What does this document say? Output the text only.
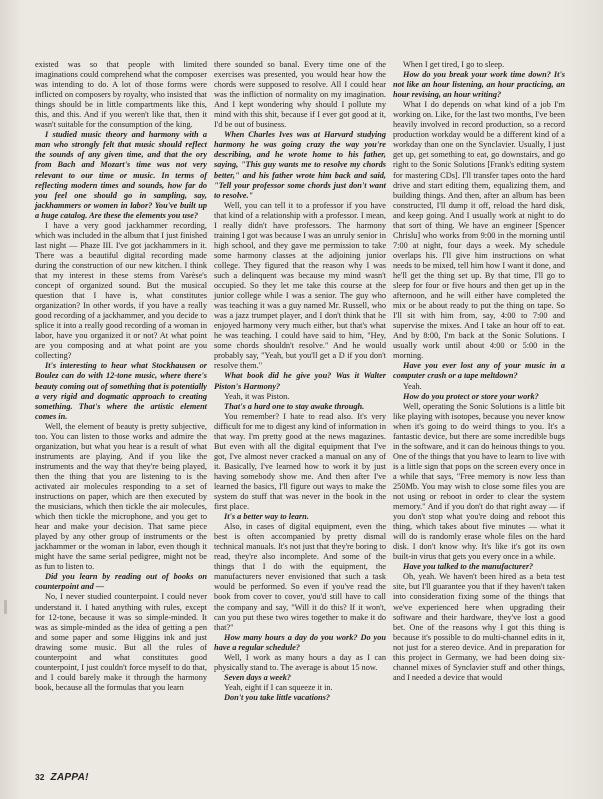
existed was so that people with limited imaginations could comprehend what the composer was intending to do. A lot of those forms were inflicted on composers by royalty, who insisted that things should be in little compartments like this, this, and this. And if you weren't like that, then it wasn't suitable for the consumption of the king.

I studied music theory and harmony with a man who strongly felt that music should reflect the sounds of any given time, and that the ory from Bach and Mozart's time was not very relevant to our time or music. In terms of reflecting modern times and sounds, how far do you feel one should go in sampling, say, jackhammers or women in labor? You've built up a huge catalog. Are these the elements you use?

I have a very good jackhammer recording, which was included in the album that I just finished last night — Phaze III. I've got jackhammers in it. There was a beautiful digital recording made during the construction of our new kitchen. I think that my interest in these stems from Varèse's concept of organized sound. But the musical question that I have is, what constitutes organization? In other words, if you have a really good recording of a jackhammer, and you decide to splice it into a really good recording of a woman in labor, have you organized it or not? At what point are you composing and at what point are you collecting?

It's interesting to hear what Stockhausen or Boulez can do with 12-tone music, where there's beauty coming out of something that is potentially a very rigid and dogmatic approach to creating something. That's where the artistic element comes in.

Well, the element of beauty is pretty subjective, too. You can listen to those works and admire the organization, but what you hear is a result of what instruments are playing. And if you like the instruments and the way that they're being played, then the thing that you are listening to is the activated air molecules responding to a set of instructions on paper, which are then executed by the musicians, which then tickle the air molecules, which then tickle the microphone, and you get to hear and make your decision. That same piece played by any other group of instruments or the jackhammer or the woman in labor, even though it might have the same serial pedigree, might not be as fun to listen to.

Did you learn by reading out of books on counterpoint and —

No, I never studied counterpoint. I could never understand it. I hated anything with rules, except for 12-tone, because it was so simple-minded. It was as simple-minded as the idea of getting a pen and some paper and some Higgins ink and just drawing some music. But all the rules of counterpoint and what constitutes good counterpoint, I just couldn't force myself to do that, and I could barely make it through the harmony book, because all the formulas that you learn

there sounded so banal. Every time one of the exercises was presented, you would hear how the chords were supposed to resolve. All I could hear was the infliction of normality on my imagination. And I kept wondering why should I pollute my mind with this shit, because if I ever got good at it, I'd be out of business.

When Charles Ives was at Harvard studying harmony he was going crazy the way you're describing, and he wrote home to his father, saying, "This guy wants me to resolve my chords better," and his father wrote him back and said, "Tell your professor some chords just don't want to resolve."

Well, you can tell it to a professor if you have that kind of a relationship with a professor. I mean, I really didn't have professors. The harmony training I got was because I was an unruly senior in high school, and they gave me permission to take some harmony classes at the adjoining junior college. They figured that the reason why I was such a delinquent was because my mind wasn't occupied. So they let me take this course at the junior college while I was a senior. The guy who was teaching it was a guy named Mr. Russell, who was a jazz trumpet player, and I don't think that he enjoyed harmony very much either, but that's what he was teaching. I could have said to him, "Hey, some chords shouldn't resolve." And he would probably say, "Yeah, but you'll get a D if you don't resolve them."

What book did he give you? Was it Walter Piston's Harmony?

Yeah, it was Piston.

That's a hard one to stay awake through.

You remember? I hate to read also. It's very difficult for me to digest any kind of information in that way. I'm pretty good at the news magazines. But even with all the digital equipment that I've got, I've almost never cracked a manual on any of it. Basically, I've learned how to work it by just having somebody show me. And then after I've learned the basics, I'll figure out ways to make the system do stuff that was never in the book in the first place.

It's a better way to learn.

Also, in cases of digital equipment, even the best is often accompanied by pretty dismal technical manuals. It's not just that they're boring to read, they're also incomplete. And some of the things that I do with the equipment, the manufacturers never envisioned that such a task would be performed. So even if you've read the book from cover to cover, you'd still have to call the company and say, "Will it do this? If it won't, can you put these two wires together to make it do that?"

How many hours a day do you work? Do you have a regular schedule?

Well, I work as many hours a day as I can physically stand to. The average is about 15 now.

Seven days a week?

Yeah, eight if I can squeeze it in.

Don't you take little vacations?

When I get tired, I go to sleep.

How do you break your work time down? It's not like an hour listening, an hour practicing, an hour revising, an hour writing?

What I do depends on what kind of a job I'm working on. Like, for the last two months, I've been heavily involved in record production, so a record production workday would be a different kind of a workday than one on the Synclavier. Usually, I just get up, get something to eat, go downstairs, and go right to the Sonic Solutions [Frank's editing system for mastering CDs]. I'll transfer tapes onto the hard drive and start editing them, equalizing them, and building things. And then, after an album has been constructed, I'll dump it off, reload the hard disk, and keep going. And I usually work at night to do that sort of thing. We have an engineer [Spencer Chrislu] who works from 9:00 in the morning until 7:00 at night, four days a week. My schedule overlaps his. I'll give him instructions on what needs to be mixed, tell him how I want it done, and he'll get the thing set up. By that time, I'll go to sleep for four or five hours and then get up in the afternoon, and he will either have completed the mix or be about ready to put the thing on tape. So I'll sit with him from, say, 4:00 to 7:00 and supervise the mixes. And I take an hour off to eat. And by 8:00, I'm back at the Sonic Solutions. I usually work until about 4:00 or 5:00 in the morning.

Have you ever lost any of your music in a computer crash or a tape meltdown?

Yeah.

How do you protect or store your work?

Well, operating the Sonic Solutions is a little bit like playing with isotopes, because you never know when it's going to do weird things to you. It's a fantastic device, but there are some incredible bugs in the software, and it can do heinous things to you. One of the things that you have to learn to live with is a little sign that pops on the screen every once in a while that says, "Free memory is now less than 250Mb. You may wish to close some files you are not using or reboot in order to clear the system memory." And if you don't do that right away — if you don't stop what you're doing and reboot this thing, which takes about five minutes — what it will do is randomly erase whole files on the hard disk. I don't know why. It's like it's got its own built-in virus that gets you every once in a while.

Have you talked to the manufacturer?

Oh, yeah. We haven't been hired as a beta test site, but I'll guarantee you that if they haven't taken into consideration fixing some of the things that we've experienced here when upgrading their software and their hardware, they've lost a good bet. One of the reasons why I got this thing is because it's possible to do multi-channel edits in it, not just for a stereo device. And in preparation for this project in Germany, we had been doing six-channel mixes of Synclavier stuff and other things, and I needed a device that would

32 ZAPPA!
